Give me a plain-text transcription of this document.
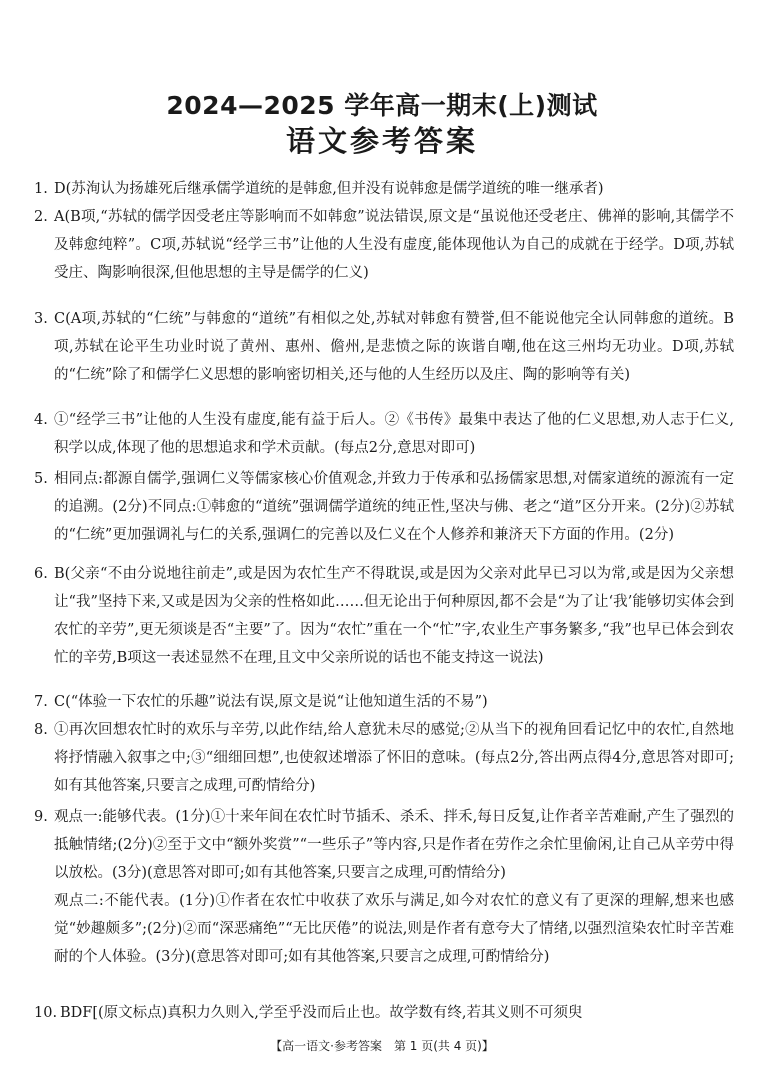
2024—2025 学年高一期末(上)测试
语文参考答案
1. D(苏洵认为扬雄死后继承儒学道统的是韩愈,但并没有说韩愈是儒学道统的唯一继承者)
2. A(B项,“苏轼的儒学因受老庄等影响而不如韩愈”说法错误,原文是“虽说他还受老庄、佛禅的影响,其儒学不及韩愈纯粹”。C项,苏轼说“经学三书”让他的人生没有虚度,能体现他认为自己的成就在于经学。D项,苏轼受庄、陶影响很深,但他思想的主导是儒学的仁义)
3. C(A项,苏轼的“仁统”与韩愈的“道统”有相似之处,苏轼对韩愈有赞誉,但不能说他完全认同韩愈的道统。B项,苏轼在论平生功业时说了黄州、惠州、儋州,是悲愤之际的诙谐自嘲,他在这三州均无功业。D项,苏轼的“仁统”除了和儒学仁义思想的影响密切相关,还与他的人生经历以及庄、陶的影响等有关)
4. ①“经学三书”让他的人生没有虚度,能有益于后人。②《书传》最集中表达了他的仁义思想,劝人志于仁义,积学以成,体现了他的思想追求和学术贡献。(每点2分,意思对即可)
5. 相同点:都源自儒学,强调仁义等儒家核心价值观念,并致力于传承和弘扬儒家思想,对儒家道统的源流有一定的追溯。(2分)不同点:①韩愈的“道统”强调儒学道统的纯正性,坚决与佛、老之“道”区分开来。(2分)②苏轼的“仁统”更加强调礼与仁的关系,强调仁的完善以及仁义在个人修养和兼济天下方面的作用。(2分)
6. B(父亲“不由分说地往前走”,或是因为农忙生产不得耽误,或是因为父亲对此早已习以为常,或是因为父亲想让“我”坚持下来,又或是因为父亲的性格如此……但无论出于何种原因,都不会是“为了让‘我’能够切实体会到农忙的辛劳”,更无须谈是否“主要”了。因为“农忙”重在一个“忙”字,农业生产事务繁多,“我”也早已体会到农忙的辛劳,B项这一表述显然不在理,且文中父亲所说的话也不能支持这一说法)
7. C(“体验一下农忙的乐趣”说法有误,原文是说“让他知道生活的不易”)
8. ①再次回想农忙时的欢乐与辛劳,以此作结,给人意犹未尽的感觉;②从当下的视角回看记忆中的农忙,自然地将抒情融入叙事之中;③“细细回想”,也使叙述增添了怀旧的意味。(每点2分,答出两点得4分,意思答对即可;如有其他答案,只要言之成理,可酌情给分)
9. 观点一:能够代表。(1分)①十来年间在农忙时节插禾、杀禾、拌禾,每日反复,让作者辛苦难耐,产生了强烈的抵触情绪;(2分)②至于文中“额外奖赏”“一些乐子”等内容,只是作者在劳作之余忙里偷闲,让自己从辛劳中得以放松。(3分)(意思答对即可;如有其他答案,只要言之成理,可酌情给分)
观点二:不能代表。(1分)①作者在农忙中收获了欢乐与满足,如今对农忙的意义有了更深的理解,想来也感觉“妙趣颇多”;(2分)②而“深恶痛绝”“无比厌倦”的说法,则是作者有意夸大了情绪,以强烈渲染农忙时辛苦难耐的个人体验。(3分)(意思答对即可;如有其他答案,只要言之成理,可酌情给分)
10. BDF[(原文标点)真积力久则入,学至乎没而后止也。故学数有终,若其义则不可须臾
【高一语文·参考答案　第 1 页(共 4 页)】
